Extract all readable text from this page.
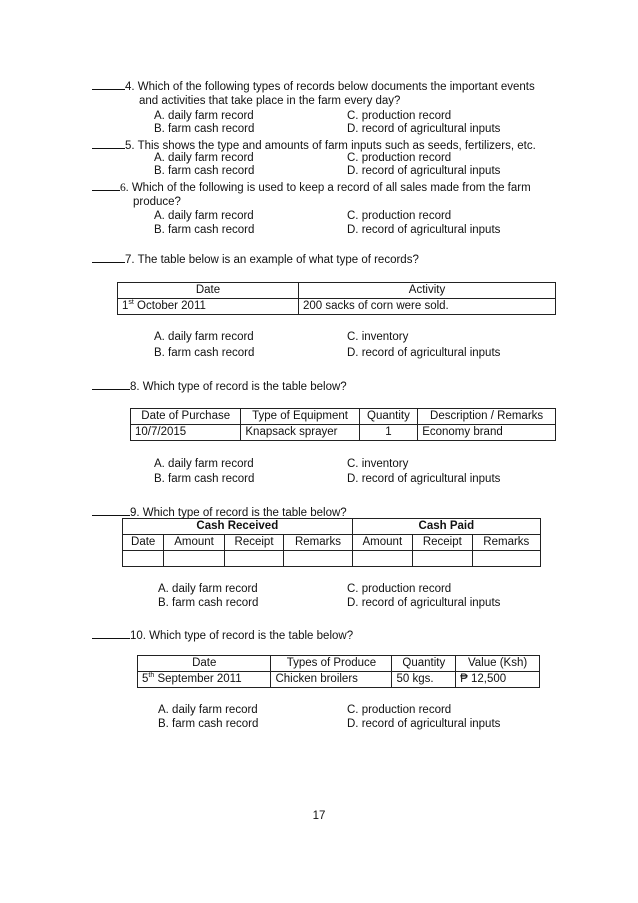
4. Which of the following types of records below documents the important events
and activities that take place in the farm every day?
A. daily farm record	C. production record
B. farm cash record	D. record of agricultural inputs
5. This shows the type and amounts of farm inputs such as seeds, fertilizers, etc.
A. daily farm record	C. production record
B. farm cash record	D. record of agricultural inputs
6. Which of the following is used to keep a record of all sales made from the farm
produce?
A. daily farm record	C. production record
B. farm cash record	D. record of agricultural inputs
7. The table below is an example of what type of records?
Date	Activity
1st October 2011	200 sacks of corn were sold.
A. daily farm record	C. inventory
B. farm cash record	D. record of agricultural inputs
8. Which type of record is the table below?
Date of Purchase	Type of Equipment	Quantity	Description / Remarks
10/7/2015	Knapsack sprayer	1	Economy brand
A. daily farm record	C. inventory
B. farm cash record	D. record of agricultural inputs
9. Which type of record is the table below?
Cash Received				Cash Paid		
Date	Amount	Receipt	Remarks	Amount	Receipt	Remarks

A. daily farm record	C. production record
B. farm cash record	D. record of agricultural inputs
10. Which type of record is the table below?
Date	Types of Produce	Quantity	Value (Ksh)
5th September 2011	Chicken broilers	50 kgs.	₱ 12,500
A. daily farm record	C. production record
B. farm cash record	D. record of agricultural inputs
17
